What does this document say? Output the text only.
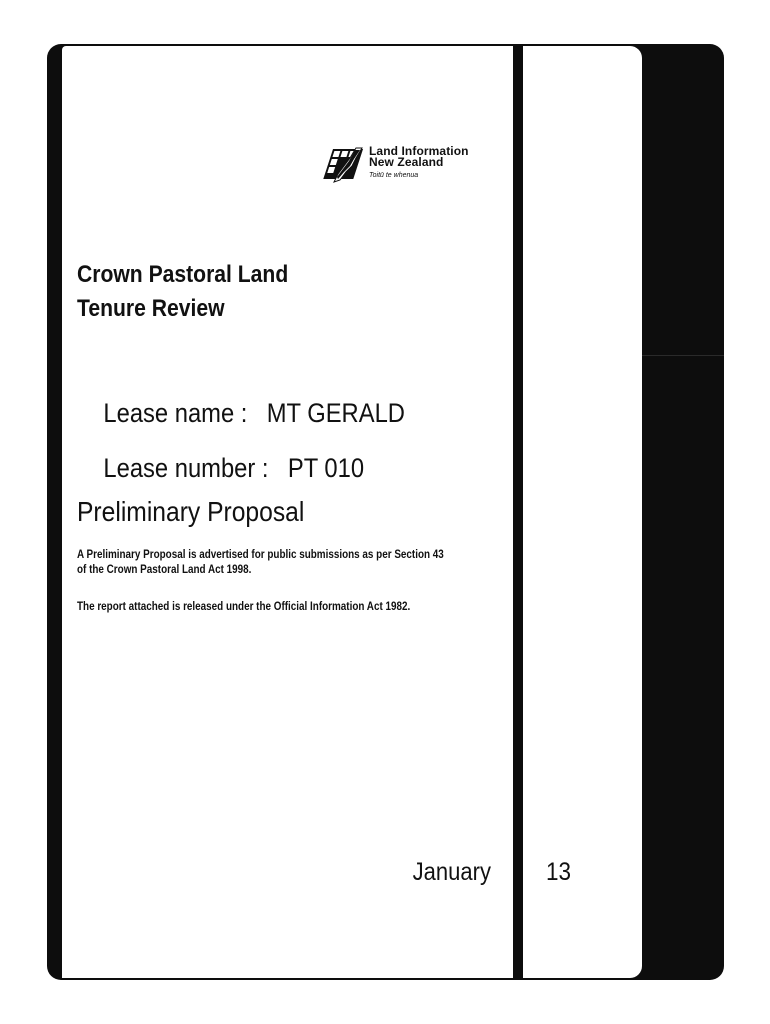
Land Information
New Zealand
Toitū te whenua
Crown Pastoral Land
Tenure Review

Lease name : MT GERALD

Lease number : PT 010

Preliminary Proposal
A Preliminary Proposal is advertised for public submissions as per Section 43 of the Crown Pastoral Land Act 1998.
The report attached is released under the Official Information Act 1982.
January 13
